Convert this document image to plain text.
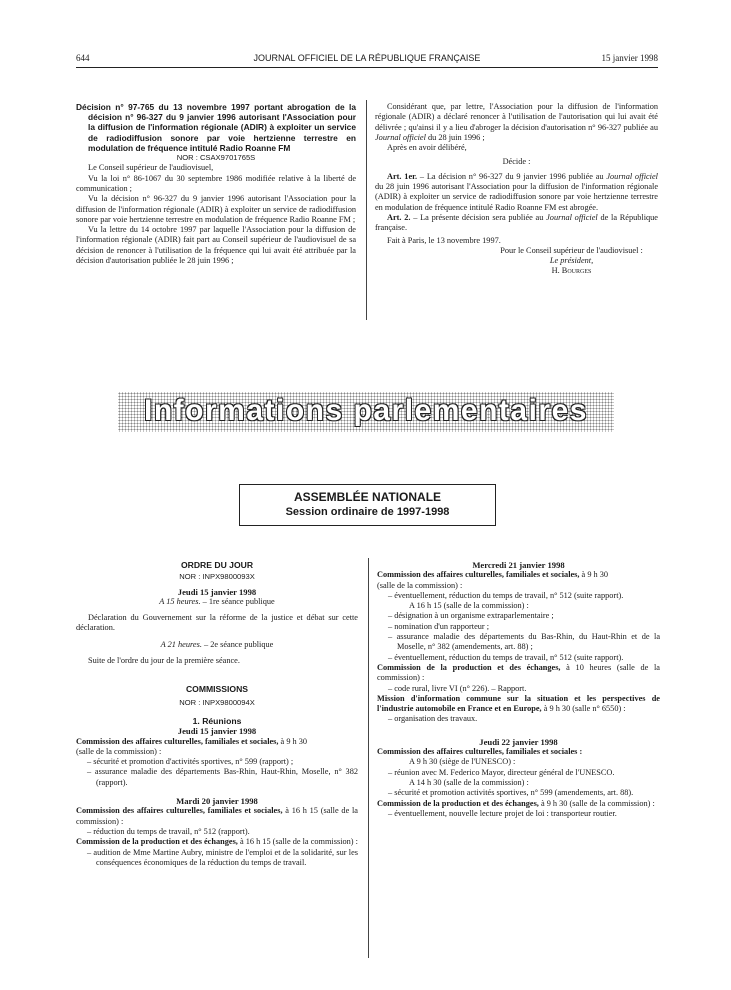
644	JOURNAL OFFICIEL DE LA RÉPUBLIQUE FRANÇAISE	15 janvier 1998

Décision n° 97-765 du 13 novembre 1997 portant abrogation de la décision n° 96-327 du 9 janvier 1996 autorisant l'Association pour la diffusion de l'information régionale (ADIR) à exploiter un service de radiodiffusion sonore par voie hertzienne terrestre en modulation de fréquence intitulé Radio Roanne FM

NOR : CSAX9701765S

Le Conseil supérieur de l'audiovisuel,

Vu la loi n° 86-1067 du 30 septembre 1986 modifiée relative à la liberté de communication ;

Vu la décision n° 96-327 du 9 janvier 1996 autorisant l'Association pour la diffusion de l'information régionale (ADIR) à exploiter un service de radiodiffusion sonore par voie hertzienne terrestre en modulation de fréquence Radio Roanne FM ;

Vu la lettre du 14 octobre 1997 par laquelle l'Association pour la diffusion de l'information régionale (ADIR) fait part au Conseil supérieur de l'audiovisuel de sa décision de renoncer à l'utilisation de la fréquence qui lui avait été attribuée par la décision d'autorisation publiée le 28 juin 1996 ;

Considérant que, par lettre, l'Association pour la diffusion de l'information régionale (ADIR) a déclaré renoncer à l'utilisation de l'autorisation qui lui avait été délivrée ; qu'ainsi il y a lieu d'abroger la décision d'autorisation n° 96-327 publiée au Journal officiel du 28 juin 1996 ;

Après en avoir délibéré,

Décide :

Art. 1er. – La décision n° 96-327 du 9 janvier 1996 publiée au Journal officiel du 28 juin 1996 autorisant l'Association pour la diffusion de l'information régionale (ADIR) à exploiter un service de radiodiffusion sonore par voie hertzienne terrestre en modulation de fréquence intitulé Radio Roanne FM est abrogée.

Art. 2. – La présente décision sera publiée au Journal officiel de la République française.

Fait à Paris, le 13 novembre 1997.

Pour le Conseil supérieur de l'audiovisuel :

Le président,

H. Bourges

Informations parlementaires
ASSEMBLÉE NATIONALE
Session ordinaire de 1997-1998

ORDRE DU JOUR

NOR : INPX9800093X

Jeudi 15 janvier 1998

A 15 heures. – 1re séance publique

Déclaration du Gouvernement sur la réforme de la justice et débat sur cette déclaration.

A 21 heures. – 2e séance publique

Suite de l'ordre du jour de la première séance.

COMMISSIONS

NOR : INPX9800094X

1. Réunions

Jeudi 15 janvier 1998

Commission des affaires culturelles, familiales et sociales, à 9 h 30

(salle de la commission) :

– sécurité et promotion d'activités sportives, n° 599 (rapport) ;

– assurance maladie des départements Bas-Rhin, Haut-Rhin, Moselle, n° 382 (rapport).

Mardi 20 janvier 1998

Commission des affaires culturelles, familiales et sociales, à 16 h 15 (salle de la commission) :

– réduction du temps de travail, n° 512 (rapport).

Commission de la production et des échanges, à 16 h 15 (salle de la commission) :

– audition de Mme Martine Aubry, ministre de l'emploi et de la solidarité, sur les conséquences économiques de la réduction du temps de travail.

Mercredi 21 janvier 1998

Commission des affaires culturelles, familiales et sociales, à 9 h 30

(salle de la commission) :

– éventuellement, réduction du temps de travail, n° 512 (suite rapport).

A 16 h 15 (salle de la commission) :

– désignation à un organisme extraparlementaire ;

– nomination d'un rapporteur ;

– assurance maladie des départements du Bas-Rhin, du Haut-Rhin et de la Moselle, n° 382 (amendements, art. 88) ;

– éventuellement, réduction du temps de travail, n° 512 (suite rapport).

Commission de la production et des échanges, à 10 heures (salle de la commission) :

– code rural, livre VI (n° 226). – Rapport.

Mission d'information commune sur la situation et les perspectives de l'industrie automobile en France et en Europe, à 9 h 30 (salle n° 6550) :

– organisation des travaux.

Jeudi 22 janvier 1998

Commission des affaires culturelles, familiales et sociales :

A 9 h 30 (siège de l'UNESCO) :

– réunion avec M. Federico Mayor, directeur général de l'UNESCO.

A 14 h 30 (salle de la commission) :

– sécurité et promotion activités sportives, n° 599 (amendements, art. 88).

Commission de la production et des échanges, à 9 h 30 (salle de la commission) :

– éventuellement, nouvelle lecture projet de loi : transporteur routier.
